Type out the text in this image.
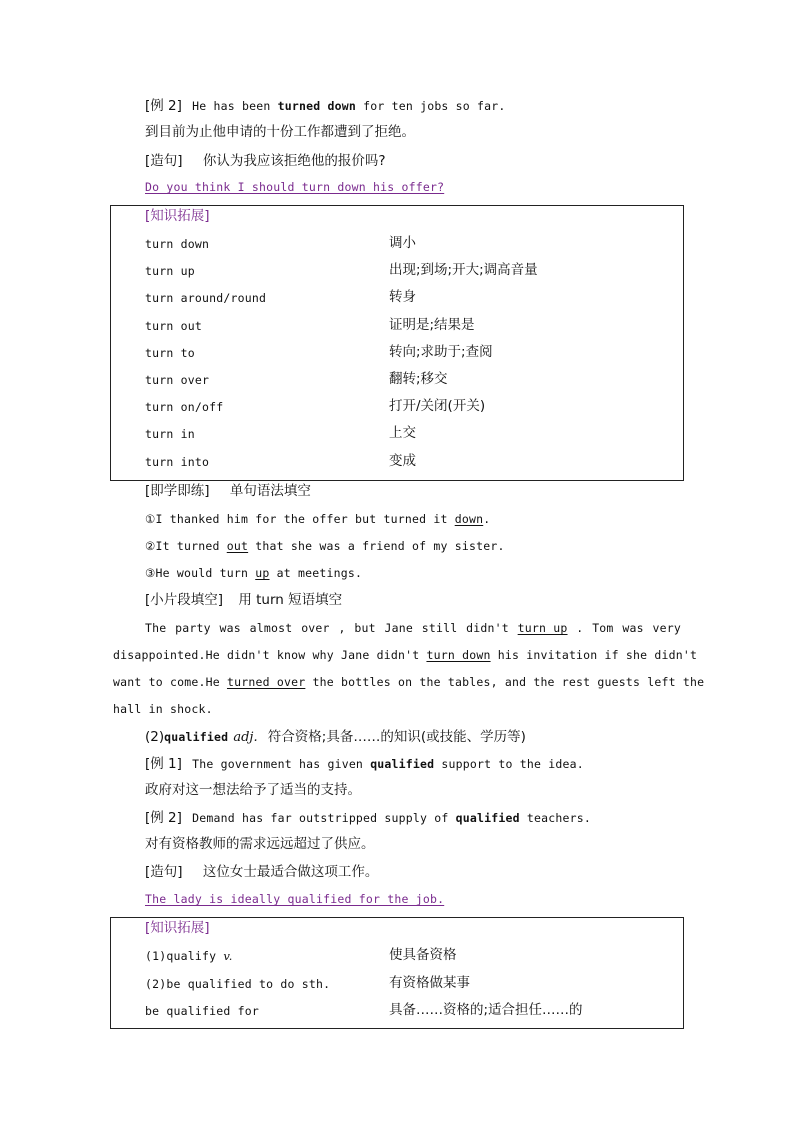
[例 2] He has been turned down for ten jobs so far.
到目前为止他申请的十份工作都遭到了拒绝。
[造句] 你认为我应该拒绝他的报价吗?
Do you think I should turn down his offer?
[知识拓展]
turn down	调小
turn up	出现;到场;开大;调高音量
turn around/round	转身
turn out	证明是;结果是
turn to	转向;求助于;查阅
turn over	翻转;移交
turn on/off	打开/关闭(开关)
turn in	上交
turn into	变成
[即学即练] 单句语法填空
①I thanked him for the offer but turned it down.
②It turned out that she was a friend of my sister.
③He would turn up at meetings.
[小片段填空] 用 turn 短语填空
The party was almost over , but Jane still didn't turn up . Tom was very
disappointed.He didn't know why Jane didn't turn down his invitation if she didn't
want to come.He turned over the bottles on the tables, and the rest guests left the
hall in shock.
(2)qualified adj. 符合资格;具备……的知识(或技能、学历等)
[例 1] The government has given qualified support to the idea.
政府对这一想法给予了适当的支持。
[例 2] Demand has far outstripped supply of qualified teachers.
对有资格教师的需求远远超过了供应。
[造句] 这位女士最适合做这项工作。
The lady is ideally qualified for the job.
[知识拓展]
(1)qualify v.	使具备资格
(2)be qualified to do sth.	有资格做某事
be qualified for	具备……资格的;适合担任……的
